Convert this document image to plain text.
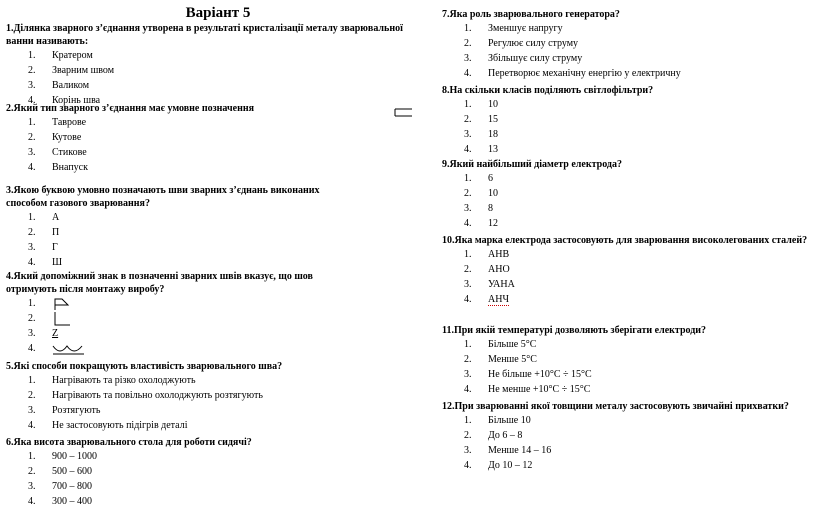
Варіант 5
1.Ділянка зварного з’єднання утворена в результаті кристалізації металу зварювальної ванни називають:
1. Кратером
2. Зварним швом
3. Валиком
4. Корінь шва
2.Який тип зварного з’єднання має умовне позначення
1. Таврове
2. Кутове
3. Стикове
4. Внапуск
3.Якою буквою умовно позначають шви зварних з’єднань виконаних способом газового зварювання?
1. А
2. П
3. Г
4. Ш
4.Який допоміжний знак в позначенні зварних швів вказує, що шов отримують після монтажу виробу?
1.
2.
3. Z
4.
5.Які способи покращують властивість зварювального шва?
1. Нагрівають та різко охолоджують
2. Нагрівають та повільно охолоджують розтягують
3. Розтягують
4. Не застосовують підігрів деталі
6.Яка висота зварювального стола для роботи сидячі?
1. 900 – 1000
2. 500 – 600
3. 700 – 800
4. 300 – 400
7.Яка роль зварювального генератора?
1. Зменшує напругу
2. Регулює силу струму
3. Збільшує силу струму
4. Перетворює механічну енергію у електричну
8.На скільки класів поділяють світлофільтри?
1. 10
2. 15
3. 18
4. 13
9.Який найбільший діаметр електрода?
1. 6
2. 10
3. 8
4. 12
10.Яка марка електрода застосовують для зварювання високолегованих сталей?
1. АНВ
2. АНО
3. УАНА
4. АНЧ
11.При якій температурі дозволяють зберігати електроди?
1. Більше 5°С
2. Менше 5°С
3. Не більше +10°С ÷ 15°С
4. Не менше +10°С ÷ 15°С
12.При зварюванні якої товщини металу застосовують звичайні прихватки?
1. Більше 10
2. До 6 – 8
3. Менше 14 – 16
4. До 10 – 12
